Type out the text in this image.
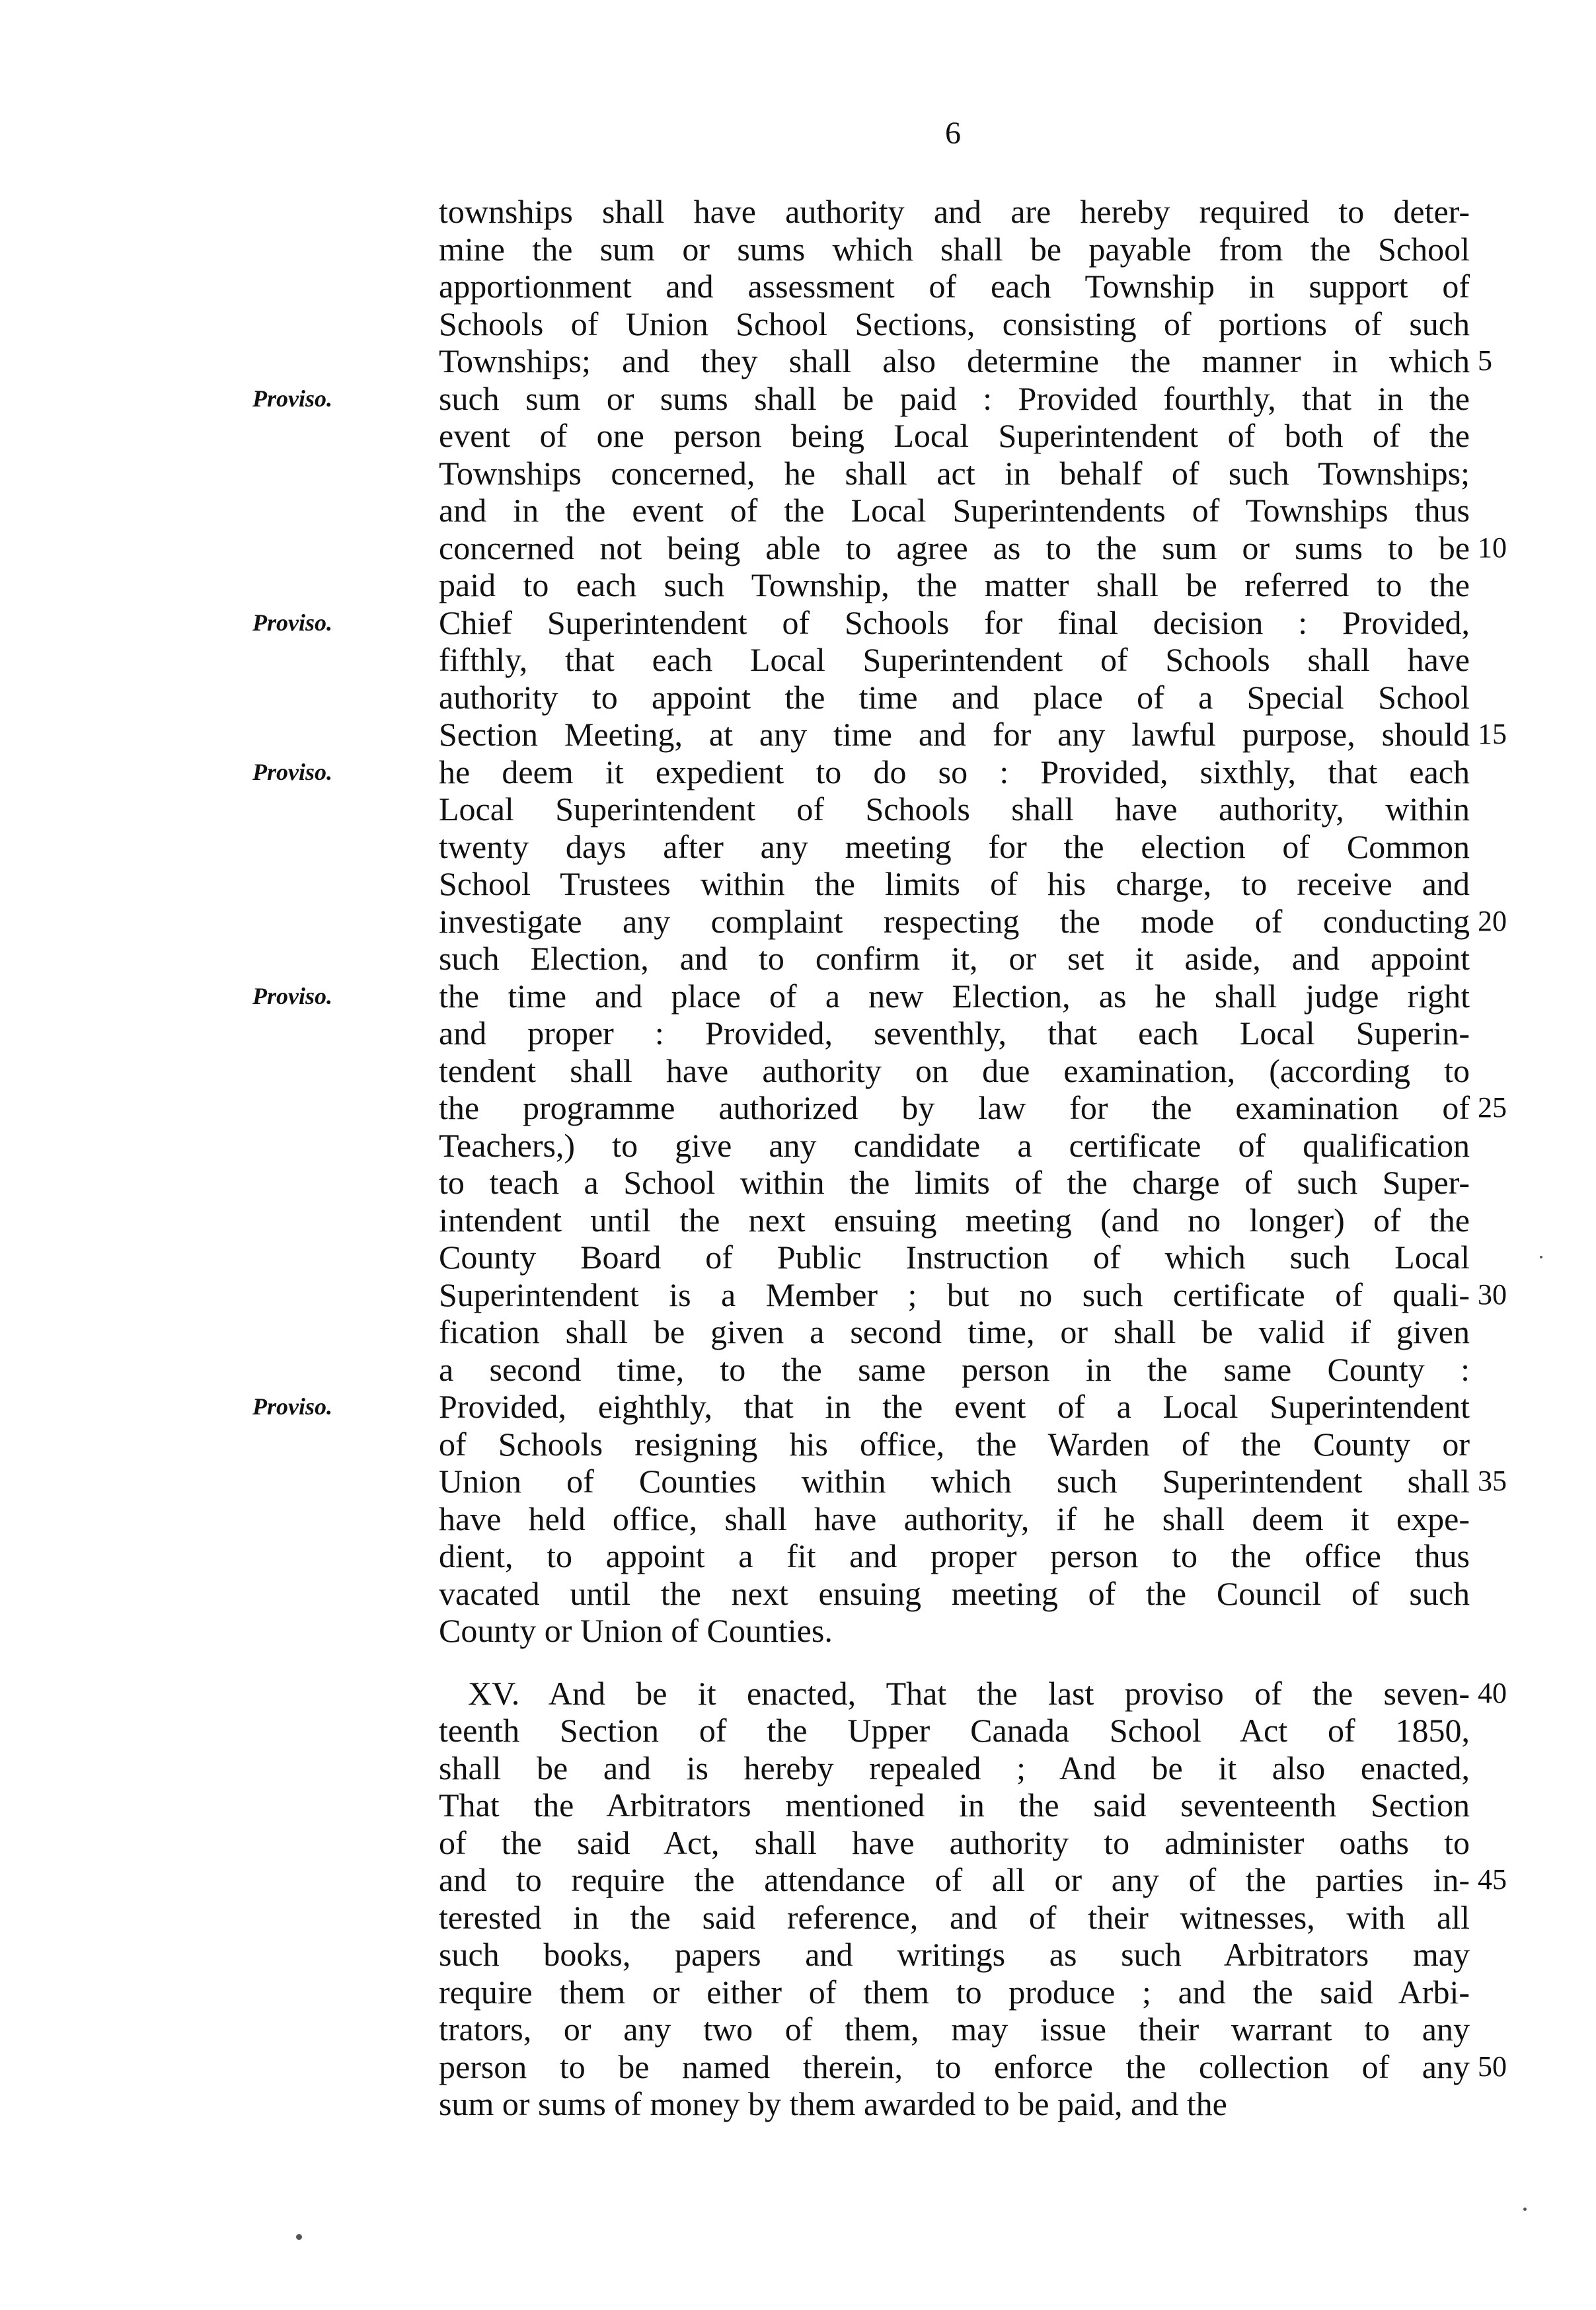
6
townships shall have authority and are hereby required to deter-
mine the sum or sums which shall be payable from the School
apportionment and assessment of each Township in support of
Schools of Union School Sections, consisting of portions of such
Townships; and they shall also determine the manner in which
such sum or sums shall be paid : Provided fourthly, that in the
event of one person being Local Superintendent of both of the
Townships concerned, he shall act in behalf of such Townships;
and in the event of the Local Superintendents of Townships thus
concerned not being able to agree as to the sum or sums to be
paid to each such Township, the matter shall be referred to the
Chief Superintendent of Schools for final decision : Provided,
fifthly, that each Local Superintendent of Schools shall have
authority to appoint the time and place of a Special School
Section Meeting, at any time and for any lawful purpose, should
he deem it expedient to do so : Provided, sixthly, that each
Local Superintendent of Schools shall have authority, within
twenty days after any meeting for the election of Common
School Trustees within the limits of his charge, to receive and
investigate any complaint respecting the mode of conducting
such Election, and to confirm it, or set it aside, and appoint
the time and place of a new Election, as he shall judge right
and proper : Provided, seventhly, that each Local Superin-
tendent shall have authority on due examination, (according to
the programme authorized by law for the examination of
Teachers,) to give any candidate a certificate of qualification
to teach a School within the limits of the charge of such Super-
intendent until the next ensuing meeting (and no longer) of the
County Board of Public Instruction of which such Local
Superintendent is a Member ; but no such certificate of quali-
fication shall be given a second time, or shall be valid if given
a second time, to the same person in the same County :
Provided, eighthly, that in the event of a Local Superintendent
of Schools resigning his office, the Warden of the County or
Union of Counties within which such Superintendent shall
have held office, shall have authority, if he shall deem it expe-
dient, to appoint a fit and proper person to the office thus
vacated until the next ensuing meeting of the Council of such
County or Union of Counties.
XV. And be it enacted, That the last proviso of the seven-
teenth Section of the Upper Canada School Act of 1850,
shall be and is hereby repealed ; And be it also enacted,
That the Arbitrators mentioned in the said seventeenth Section
of the said Act, shall have authority to administer oaths to
and to require the attendance of all or any of the parties in-
terested in the said reference, and of their witnesses, with all
such books, papers and writings as such Arbitrators may
require them or either of them to produce ; and the said Arbi-
trators, or any two of them, may issue their warrant to any
person to be named therein, to enforce the collection of any
sum or sums of money by them awarded to be paid, and the
Proviso.
Proviso.
Proviso.
Proviso.
Proviso.
5
10
15
20
25
30
35
40
45
50
